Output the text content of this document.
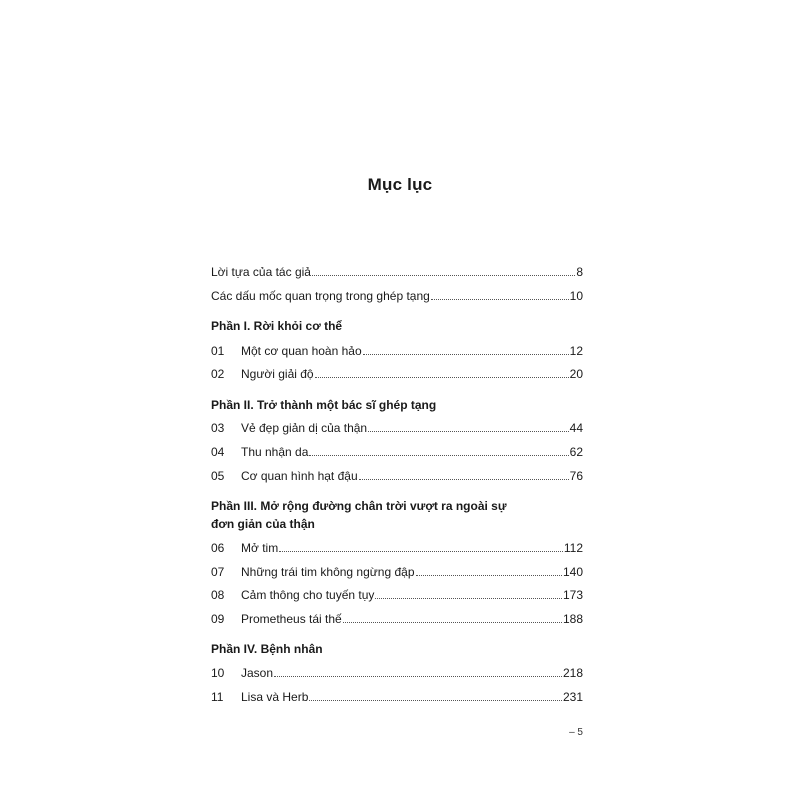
Mục lục
Lời tựa của tác giả	8
Các dấu mốc quan trọng trong ghép tạng	10
Phần I. Rời khỏi cơ thể
01	Một cơ quan hoàn hảo	12
02	Người giải độ	20
Phần II. Trở thành một bác sĩ ghép tạng
03	Vẻ đẹp giản dị của thận	44
04	Thu nhận da	62
05	Cơ quan hình hạt đậu	76
Phần III. Mở rộng đường chân trời vượt ra ngoài sự đơn giản của thận
06	Mở tim	112
07	Những trái tim không ngừng đập	140
08	Cảm thông cho tuyến tụy	173
09	Prometheus tái thế	188
Phần IV. Bệnh nhân
10	Jason	218
11	Lisa và Herb	231
– 5
